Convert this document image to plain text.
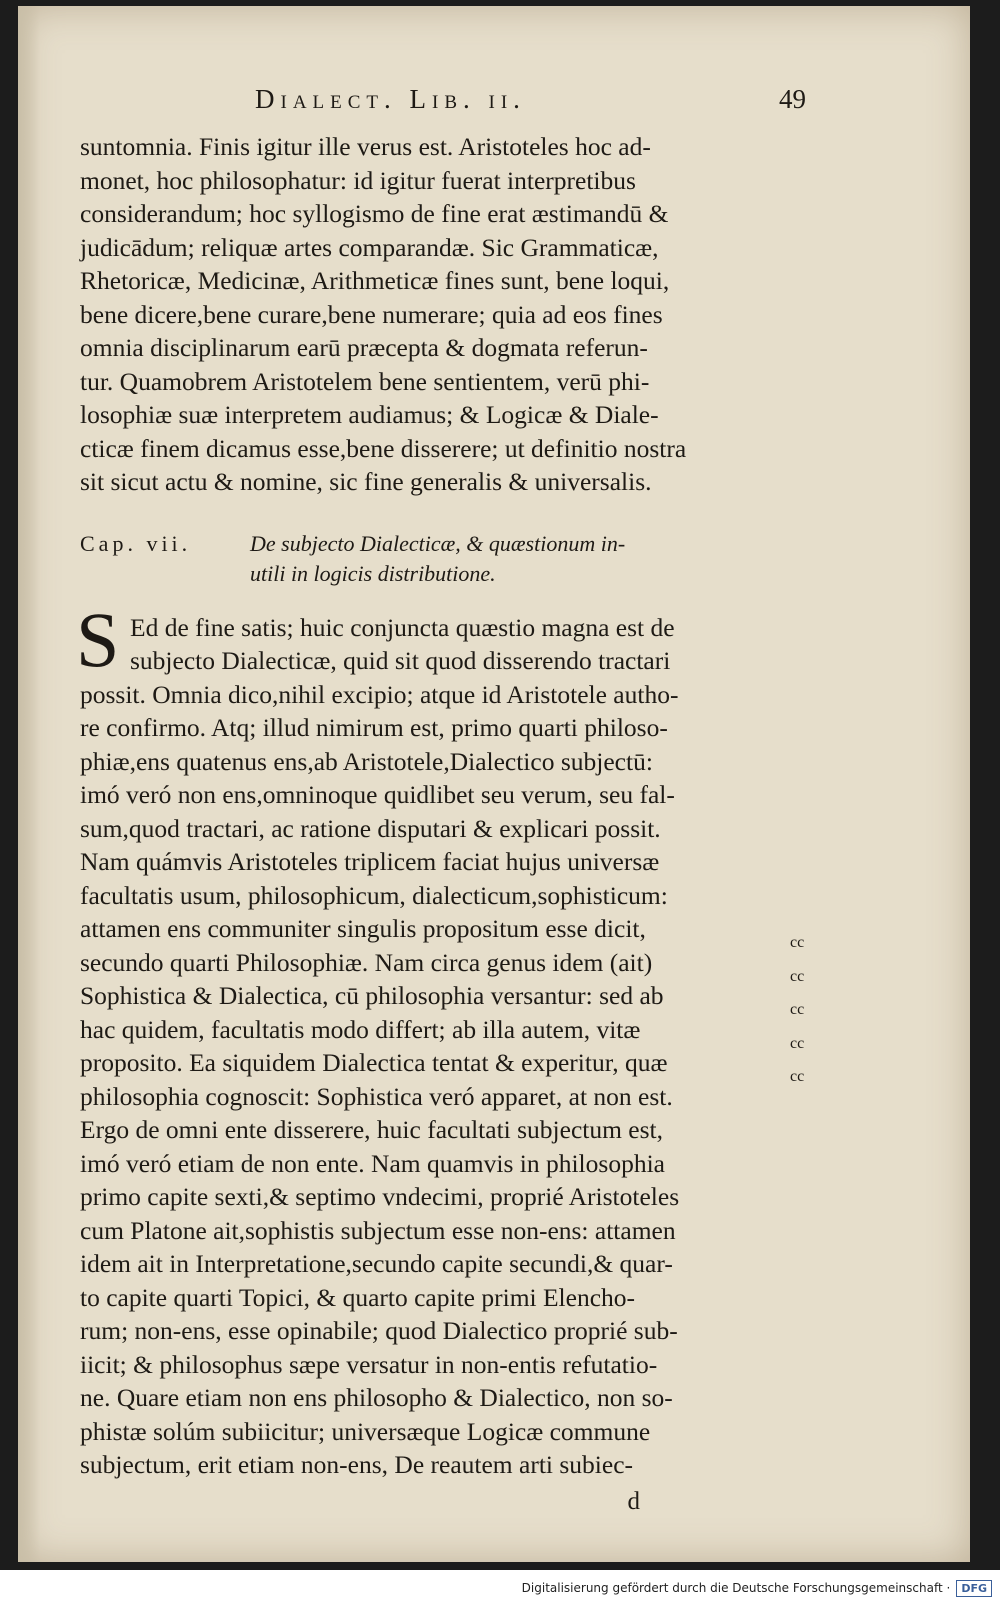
Dialect. Lib. ii.	49

suntomnia. Finis igitur ille verus est. Aristoteles hoc ad-

monet, hoc philosophatur: id igitur fuerat interpretibus

considerandum; hoc syllogismo de fine erat æstimandū &

judicādum; reliquæ artes comparandæ. Sic Grammaticæ,

Rhetoricæ, Medicinæ, Arithmeticæ fines sunt, bene loqui,

bene dicere,bene curare,bene numerare; quia ad eos fines

omnia disciplinarum earū præcepta & dogmata referun-

tur. Quamobrem Aristotelem bene sentientem, verū phi-

losophiæ suæ interpretem audiamus; & Logicæ & Diale-

cticæ finem dicamus esse,bene disserere; ut definitio nostra

sit sicut actu & nomine, sic fine generalis & universalis.

Cap. vii.	De subjecto Dialecticæ, & quæstionum in-
utili in logicis distributione.
S Ed de fine satis; huic conjuncta quæstio magna est de

subjecto Dialecticæ, quid sit quod disserendo tractari

possit. Omnia dico,nihil excipio; atque id Aristotele autho-

re confirmo. Atq; illud nimirum est, primo quarti philoso-

phiæ,ens quatenus ens,ab Aristotele,Dialectico subjectū:

imó veró non ens,omninoque quidlibet seu verum, seu fal-

sum,quod tractari, ac ratione disputari & explicari possit.

Nam quámvis Aristoteles triplicem faciat hujus universæ

facultatis usum, philosophicum, dialecticum,sophisticum:

attamen ens communiter singulis propositum esse dicit,

secundo quarti Philosophiæ. Nam circa genus idem (ait)

Sophistica & Dialectica, cū philosophia versantur: sed ab

hac quidem, facultatis modo differt; ab illa autem, vitæ

proposito. Ea siquidem Dialectica tentat & experitur, quæ

philosophia cognoscit: Sophistica veró apparet, at non est.

Ergo de omni ente disserere, huic facultati subjectum est,

imó veró etiam de non ente. Nam quamvis in philosophia

primo capite sexti,& septimo vndecimi, proprié Aristoteles

cum Platone ait,sophistis subjectum esse non-ens: attamen

idem ait in Interpretatione,secundo capite secundi,& quar-

to capite quarti Topici, & quarto capite primi Elencho-

rum; non-ens, esse opinabile; quod Dialectico proprié sub-

iicit; & philosophus sæpe versatur in non-entis refutatio-

ne. Quare etiam non ens philosopho & Dialectico, non so-

phistæ solúm subiicitur; universæque Logicæ commune

subjectum, erit etiam non-ens, De reautem arti subiec-

d
cc
cc
cc
cc
cc
Digitalisierung gefördert durch die Deutsche Forschungsgemeinschaft ·	DFG
